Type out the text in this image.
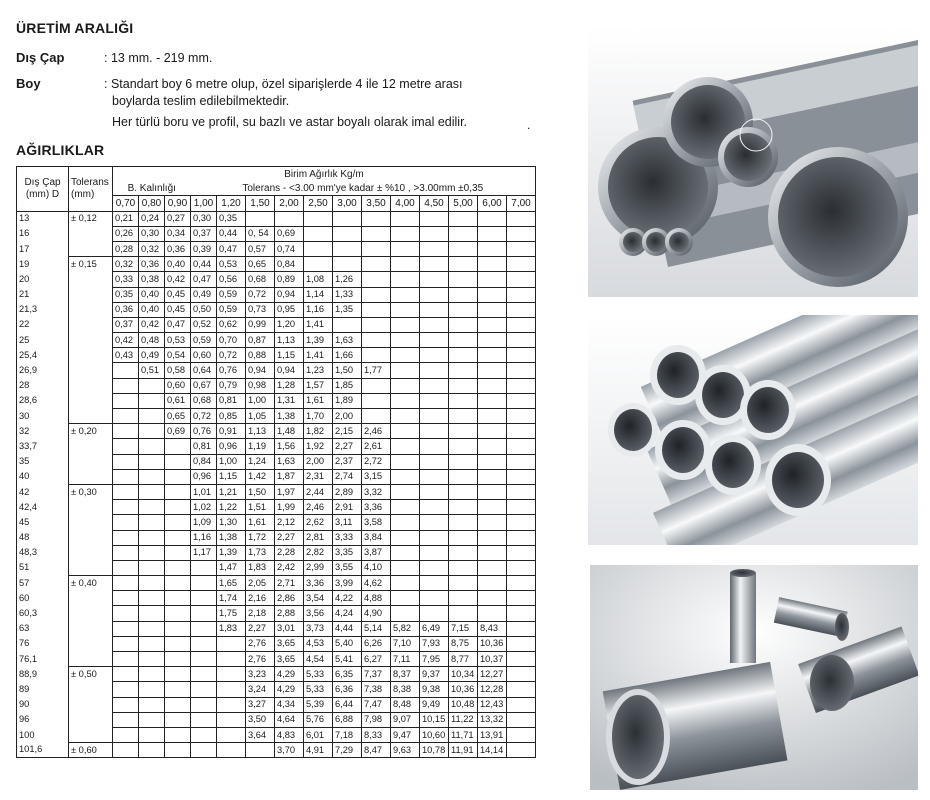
ÜRETİM ARALIĞI
Dış Çap	: 13 mm. - 219 mm.
Boy	: Standart boy 6 metre olup, özel siparişlerde 4 ile 12 metre arası
boylarda teslim edilebilmektedir.
Her türlü boru ve profil, su bazlı ve astar boyalı olarak imal edilir.	.
AĞIRLIKLAR
Dış Çap (mm) D	Tolerans (mm)	Birim Ağırlık Kg/m														
		B. Kalınlığı			Tolerans - <3.00 mm'ye kadar ± %10 , >3.00mm ±0,35											
		0,70	0,80	0,90	1,00	1,20	1,50	2,00	2,50	3,00	3,50	4,00	4,50	5,00	6,00	7,00
13	± 0,12	0,21	0,24	0,27	0,30	0,35										
16		0,26	0,30	0,34	0,37	0,44	0, 54	0,69								
17		0,28	0,32	0,36	0,39	0,47	0,57	0,74								
19	± 0,15	0,32	0,36	0,40	0,44	0,53	0,65	0,84								
20		0,33	0,38	0,42	0,47	0,56	0,68	0,89	1,08	1,26						
21		0,35	0,40	0,45	0,49	0,59	0,72	0,94	1,14	1,33						
21,3		0,36	0,40	0,45	0,50	0,59	0,73	0,95	1,16	1,35						
22		0,37	0,42	0,47	0,52	0,62	0,99	1,20	1,41							
25		0,42	0,48	0,53	0,59	0,70	0,87	1,13	1,39	1,63						
25,4		0,43	0,49	0,54	0,60	0,72	0,88	1,15	1,41	1,66						
26,9			0,51	0,58	0,64	0,76	0,94	0,94	1,23	1,50	1,77					
28				0,60	0,67	0,79	0,98	1,28	1,57	1,85						
28,6				0,61	0,68	0,81	1,00	1,31	1,61	1,89						
30				0,65	0,72	0,85	1,05	1,38	1,70	2,00						
32	± 0,20			0,69	0,76	0,91	1,13	1,48	1,82	2,15	2,46					
33,7					0,81	0,96	1,19	1,56	1,92	2,27	2,61					
35					0,84	1,00	1,24	1,63	2,00	2,37	2,72					
40					0,96	1,15	1,42	1,87	2,31	2,74	3,15					
42	± 0,30				1,01	1,21	1,50	1,97	2,44	2,89	3,32					
42,4					1,02	1,22	1,51	1,99	2,46	2,91	3,36					
45					1,09	1,30	1,61	2,12	2,62	3,11	3,58					
48					1,16	1,38	1,72	2,27	2,81	3,33	3,84					
48,3					1,17	1,39	1,73	2,28	2,82	3,35	3,87					
51						1,47	1,83	2,42	2,99	3,55	4,10					
57	± 0,40					1,65	2,05	2,71	3,36	3,99	4,62					
60						1,74	2,16	2,86	3,54	4,22	4,88					
60,3						1,75	2,18	2,88	3,56	4,24	4,90					
63						1,83	2,27	3,01	3,73	4,44	5,14	5,82	6,49	7,15	8,43	
76							2,76	3,65	4,53	5,40	6,26	7,10	7,93	8,75	10,36	
76,1							2,76	3,65	4,54	5,41	6,27	7,11	7,95	8,77	10,37	
88,9	± 0,50						3,23	4,29	5,33	6,35	7,37	8,37	9,37	10,34	12,27	
89							3,24	4,29	5,33	6,36	7,38	8,38	9,38	10,36	12,28	
90							3,27	4,34	5,39	6,44	7,47	8,48	9,49	10,48	12,43	
96							3,50	4,64	5,76	6,88	7,98	9,07	10,15	11,22	13,32	
100							3,64	4,83	6,01	7,18	8,33	9,47	10,60	11,71	13,91	
101,6	± 0,60							3,70	4,91	7,29	8,47	9,63	10,78	11,91	14,14	
